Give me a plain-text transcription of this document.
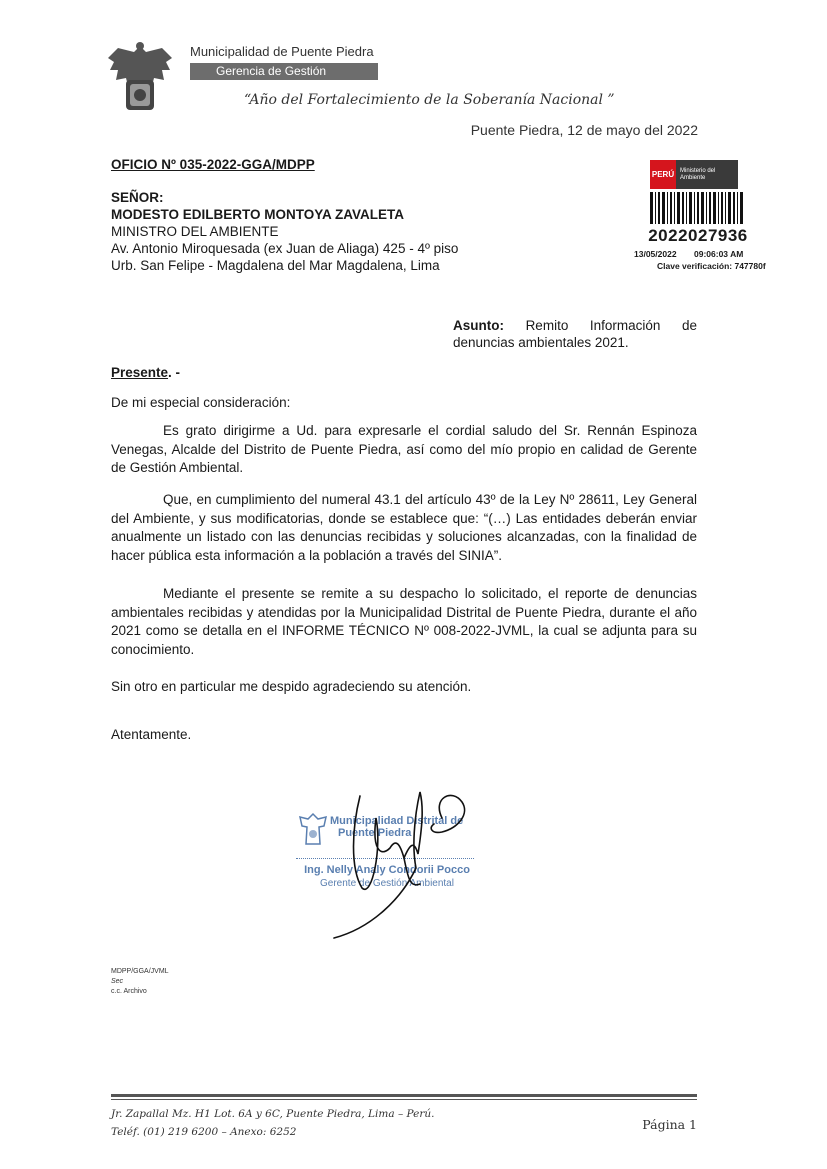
Municipalidad de Puente Piedra
Gerencia de Gestión Ambiental
“Año del Fortalecimiento de la Soberanía Nacional ”
Puente Piedra, 12 de mayo del 2022
OFICIO Nº 035-2022-GGA/MDPP
PERÚ Ministerio del Ambiente
2022027936
13/05/2022 09:06:03 AM
Clave verificación: 747780f
SEÑOR:
MODESTO EDILBERTO MONTOYA ZAVALETA
MINISTRO DEL AMBIENTE
Av. Antonio Miroquesada (ex Juan de Aliaga) 425 - 4º piso
Urb. San Felipe - Magdalena del Mar Magdalena, Lima
Asunto: Remito Información de
denuncias ambientales 2021.
Presente. -
De mi especial consideración:
Es grato dirigirme a Ud. para expresarle el cordial saludo del Sr. Rennán Espinoza Venegas, Alcalde del Distrito de Puente Piedra, así como del mío propio en calidad de Gerente de Gestión Ambiental.
Que, en cumplimiento del numeral 43.1 del artículo 43º de la Ley Nº 28611, Ley General del Ambiente, y sus modificatorias, donde se establece que: “(…) Las entidades deberán enviar anualmente un listado con las denuncias recibidas y soluciones alcanzadas, con la finalidad de hacer pública esta información a la población a través del SINIA”.
Mediante el presente se remite a su despacho lo solicitado, el reporte de denuncias ambientales recibidas y atendidas por la Municipalidad Distrital de Puente Piedra, durante el año 2021 como se detalla en el INFORME TÉCNICO Nº 008-2022-JVML, la cual se adjunta para su conocimiento.
Sin otro en particular me despido agradeciendo su atención.
Atentamente.
Municipalidad Distrital de
Puente Piedra
Ing. Nelly Analy Condorii Pocco
Gerente de Gestión Ambiental
MDPP/GGA/JVML
Sec
c.c. Archivo
Jr. Zapallal Mz. H1 Lot. 6A y 6C, Puente Piedra, Lima – Perú.
Teléf. (01) 219 6200 – Anexo: 6252	Página 1
